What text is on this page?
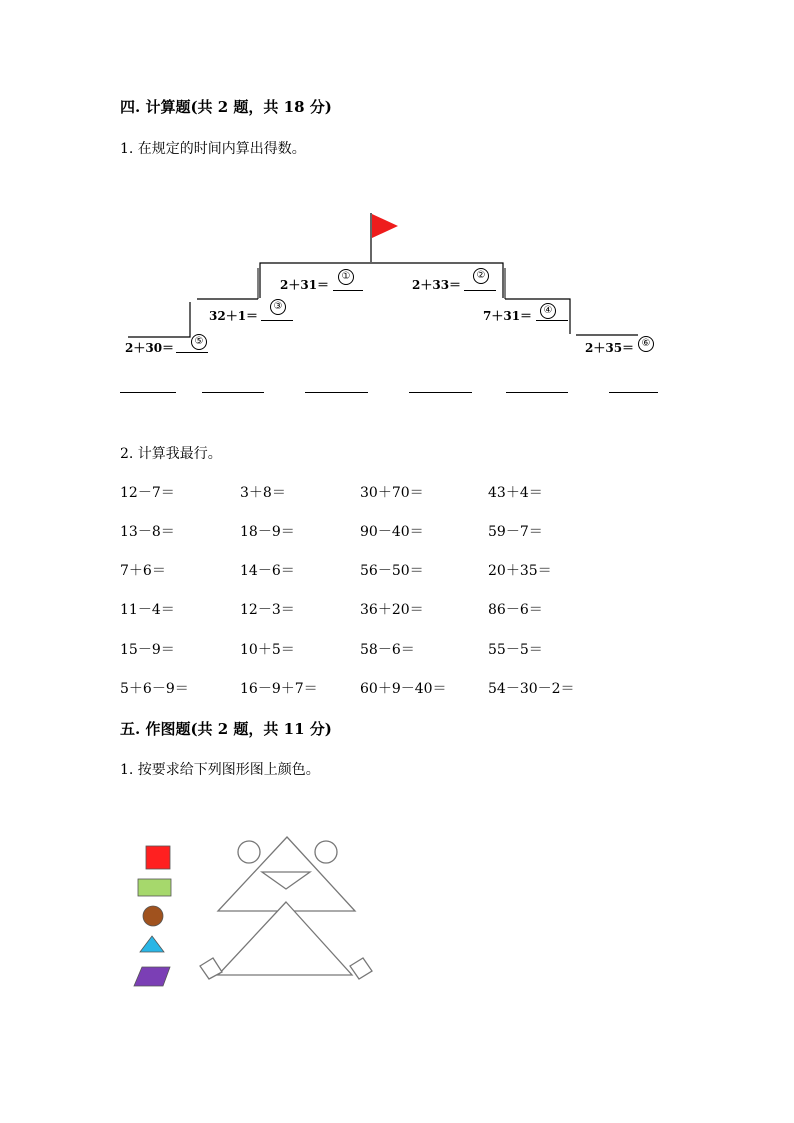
四. 计算题(共 2 题，共 18 分)
1. 在规定的时间内算出得数。
2＋31＝
①
2＋33＝
②
32＋1＝
③
7＋31＝	④
2＋30＝	⑤	2＋35＝ ⑥
2. 计算我最行。
12－7＝	3＋8＝	30＋70＝	43＋4＝
13－8＝	18－9＝	90－40＝	59－7＝
7＋6＝	14－6＝	56－50＝	20＋35＝
11－4＝	12－3＝	36＋20＝	86－6＝
15－9＝	10＋5＝	58－6＝	55－5＝
5＋6－9＝	16－9＋7＝	60＋9－40＝	54－30－2＝
五. 作图题(共 2 题，共 11 分)
1. 按要求给下列图形图上颜色。
